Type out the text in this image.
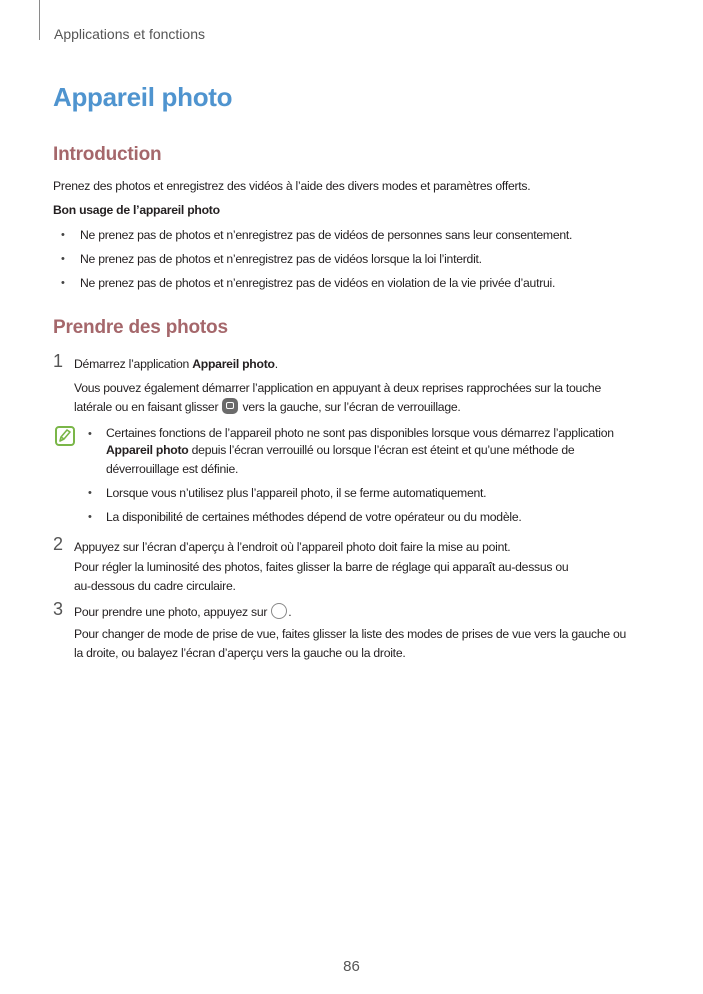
Applications et fonctions
Appareil photo
Introduction
Prenez des photos et enregistrez des vidéos à l’aide des divers modes et paramètres offerts.
Bon usage de l’appareil photo
• Ne prenez pas de photos et n’enregistrez pas de vidéos de personnes sans leur consentement.
• Ne prenez pas de photos et n’enregistrez pas de vidéos lorsque la loi l’interdit.
• Ne prenez pas de photos et n’enregistrez pas de vidéos en violation de la vie privée d’autrui.
Prendre des photos
1 Démarrez l’application Appareil photo.
Vous pouvez également démarrer l’application en appuyant à deux reprises rapprochées sur la touche
latérale ou en faisant glisser  vers la gauche, sur l’écran de verrouillage.
• Certaines fonctions de l’appareil photo ne sont pas disponibles lorsque vous démarrez l’application
Appareil photo depuis l’écran verrouillé ou lorsque l’écran est éteint et qu’une méthode de
déverrouillage est définie.
• Lorsque vous n’utilisez plus l’appareil photo, il se ferme automatiquement.
• La disponibilité de certaines méthodes dépend de votre opérateur ou du modèle.
2 Appuyez sur l’écran d’aperçu à l’endroit où l’appareil photo doit faire la mise au point.
Pour régler la luminosité des photos, faites glisser la barre de réglage qui apparaît au-dessus ou
au-dessous du cadre circulaire.
3 Pour prendre une photo, appuyez sur .
Pour changer de mode de prise de vue, faites glisser la liste des modes de prises de vue vers la gauche ou
la droite, ou balayez l’écran d’aperçu vers la gauche ou la droite.
86
